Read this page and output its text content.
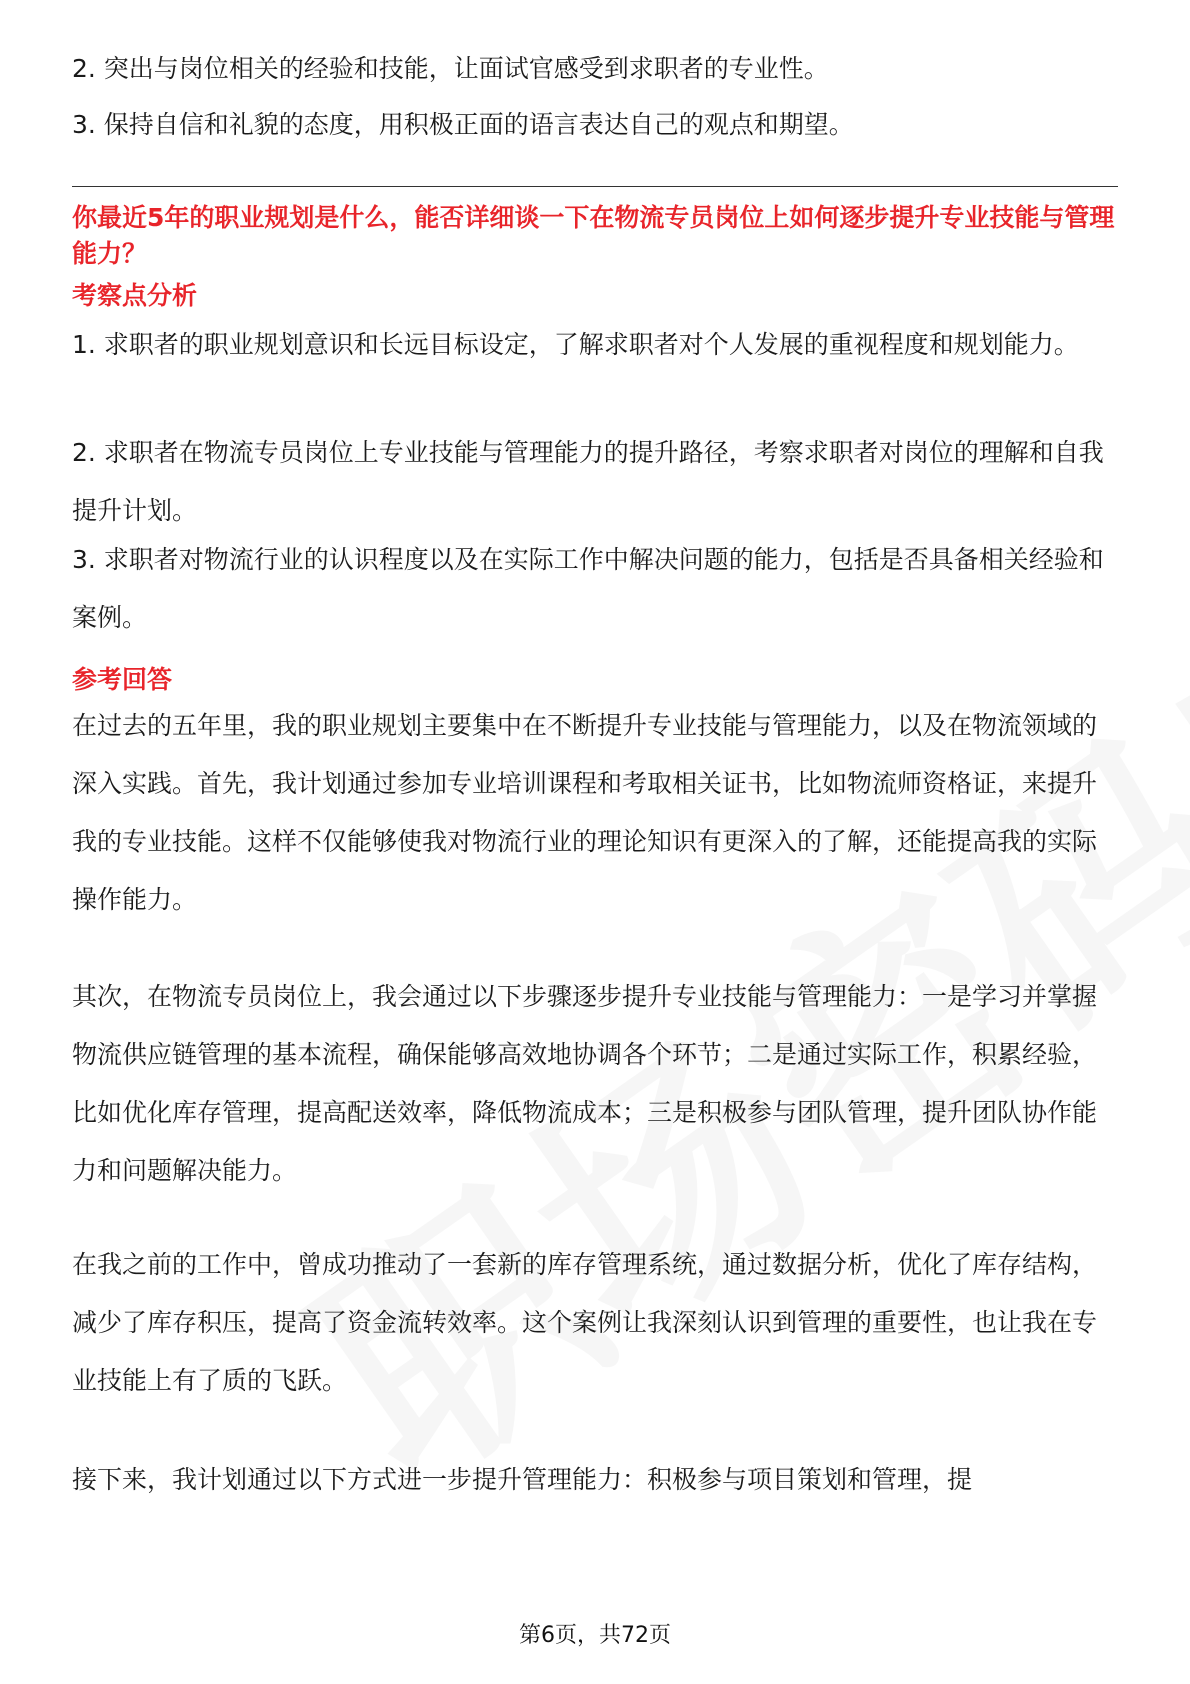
2. 突出与岗位相关的经验和技能，让面试官感受到求职者的专业性。

3. 保持自信和礼貌的态度，用积极正面的语言表达自己的观点和期望。

你最近5年的职业规划是什么，能否详细谈一下在物流专员岗位上如何逐步提升专业技能与管理能力？

考察点分析

1. 求职者的职业规划意识和长远目标设定，了解求职者对个人发展的重视程度和规划能力。

2. 求职者在物流专员岗位上专业技能与管理能力的提升路径，考察求职者对岗位的理解和自我提升计划。

3. 求职者对物流行业的认识程度以及在实际工作中解决问题的能力，包括是否具备相关经验和案例。

参考回答

在过去的五年里，我的职业规划主要集中在不断提升专业技能与管理能力，以及在物流领域的深入实践。首先，我计划通过参加专业培训课程和考取相关证书，比如物流师资格证，来提升我的专业技能。这样不仅能够使我对物流行业的理论知识有更深入的了解，还能提高我的实际操作能力。

其次，在物流专员岗位上，我会通过以下步骤逐步提升专业技能与管理能力：一是学习并掌握物流供应链管理的基本流程，确保能够高效地协调各个环节；二是通过实际工作，积累经验，比如优化库存管理，提高配送效率，降低物流成本；三是积极参与团队管理，提升团队协作能力和问题解决能力。

在我之前的工作中，曾成功推动了一套新的库存管理系统，通过数据分析，优化了库存结构，减少了库存积压，提高了资金流转效率。这个案例让我深刻认识到管理的重要性，也让我在专业技能上有了质的飞跃。

接下来，我计划通过以下方式进一步提升管理能力：积极参与项目策划和管理，提

第6页，共72页
